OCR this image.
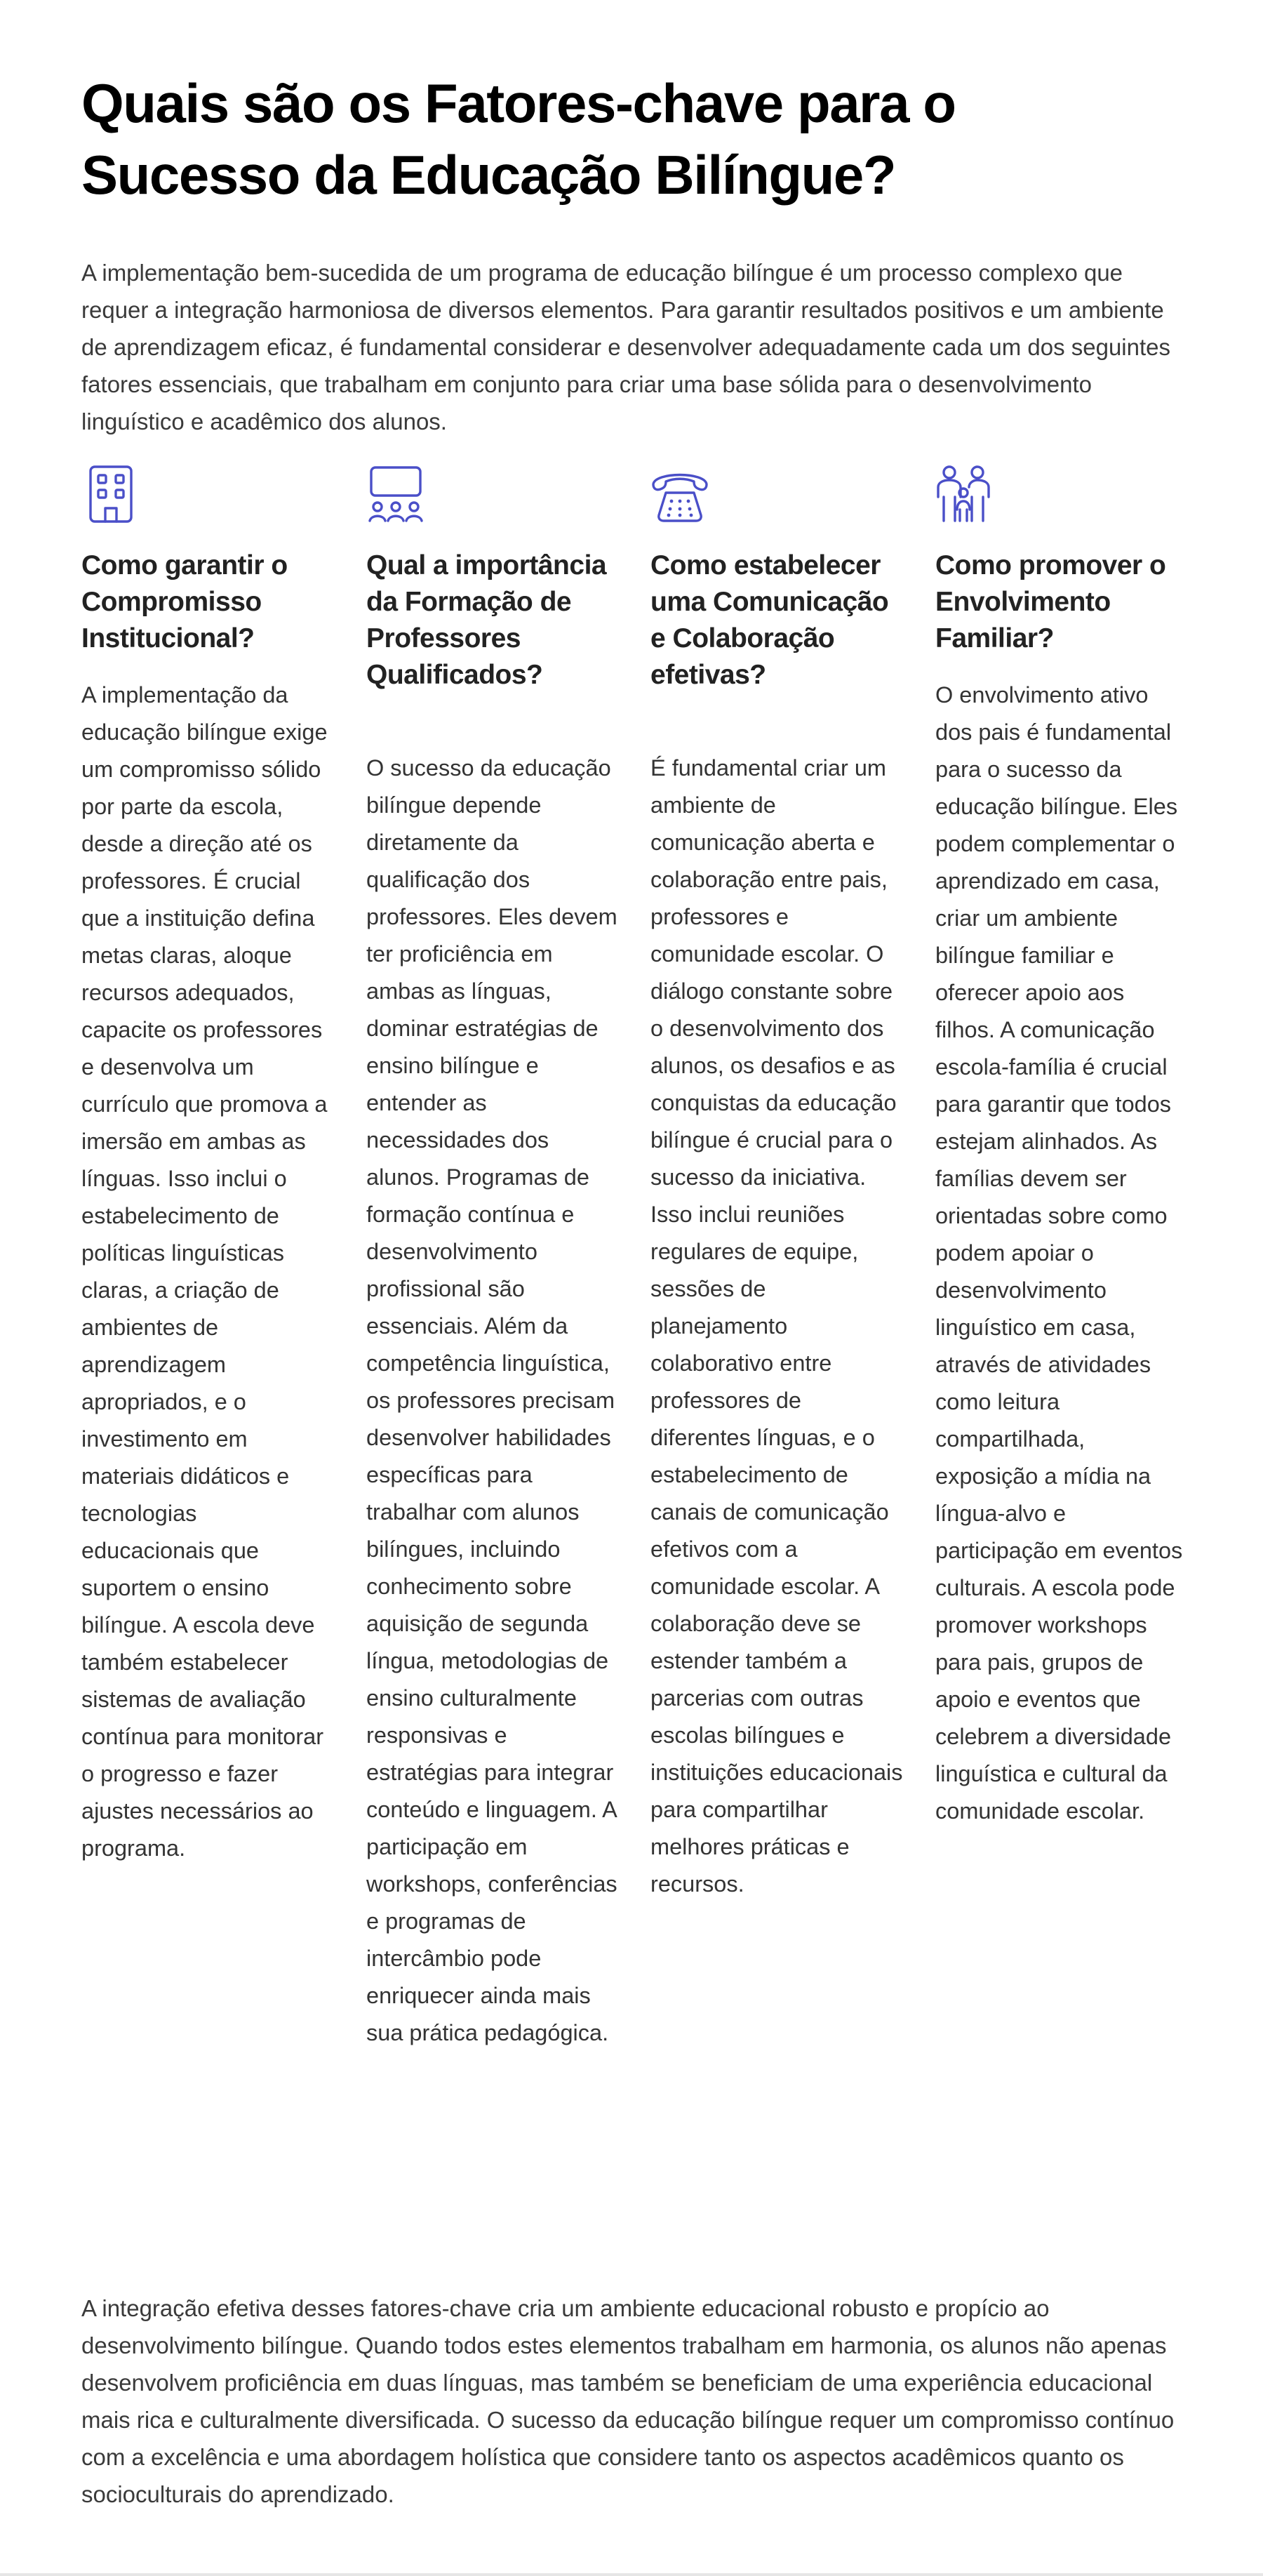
Quais são os Fatores-chave para o Sucesso da Educação Bilíngue?

A implementação bem-sucedida de um programa de educação bilíngue é um processo complexo que requer a integração harmoniosa de diversos elementos. Para garantir resultados positivos e um ambiente de aprendizagem eficaz, é fundamental considerar e desenvolver adequadamente cada um dos seguintes fatores essenciais, que trabalham em conjunto para criar uma base sólida para o desenvolvimento linguístico e acadêmico dos alunos.

Como garantir o Compromisso Institucional?

A implementação da educação bilíngue exige um compromisso sólido por parte da escola, desde a direção até os professores. É crucial que a instituição defina metas claras, aloque recursos adequados, capacite os professores e desenvolva um currículo que promova a imersão em ambas as línguas. Isso inclui o estabelecimento de políticas linguísticas claras, a criação de ambientes de aprendizagem apropriados, e o investimento em materiais didáticos e tecnologias educacionais que suportem o ensino bilíngue. A escola deve também estabelecer sistemas de avaliação contínua para monitorar o progresso e fazer ajustes necessários ao programa.

Qual a importância da Formação de Professores Qualificados?

O sucesso da educação bilíngue depende diretamente da qualificação dos professores. Eles devem ter proficiência em ambas as línguas, dominar estratégias de ensino bilíngue e entender as necessidades dos alunos. Programas de formação contínua e desenvolvimento profissional são essenciais. Além da competência linguística, os professores precisam desenvolver habilidades específicas para trabalhar com alunos bilíngues, incluindo conhecimento sobre aquisição de segunda língua, metodologias de ensino culturalmente responsivas e estratégias para integrar conteúdo e linguagem. A participação em workshops, conferências e programas de intercâmbio pode enriquecer ainda mais sua prática pedagógica.

Como estabelecer uma Comunicação e Colaboração efetivas?

É fundamental criar um ambiente de comunicação aberta e colaboração entre pais, professores e comunidade escolar. O diálogo constante sobre o desenvolvimento dos alunos, os desafios e as conquistas da educação bilíngue é crucial para o sucesso da iniciativa. Isso inclui reuniões regulares de equipe, sessões de planejamento colaborativo entre professores de diferentes línguas, e o estabelecimento de canais de comunicação efetivos com a comunidade escolar. A colaboração deve se estender também a parcerias com outras escolas bilíngues e instituições educacionais para compartilhar melhores práticas e recursos.

Como promover o Envolvimento Familiar?

O envolvimento ativo dos pais é fundamental para o sucesso da educação bilíngue. Eles podem complementar o aprendizado em casa, criar um ambiente bilíngue familiar e oferecer apoio aos filhos. A comunicação escola-família é crucial para garantir que todos estejam alinhados. As famílias devem ser orientadas sobre como podem apoiar o desenvolvimento linguístico em casa, através de atividades como leitura compartilhada, exposição a mídia na língua-alvo e participação em eventos culturais. A escola pode promover workshops para pais, grupos de apoio e eventos que celebrem a diversidade linguística e cultural da comunidade escolar.

A integração efetiva desses fatores-chave cria um ambiente educacional robusto e propício ao desenvolvimento bilíngue. Quando todos estes elementos trabalham em harmonia, os alunos não apenas desenvolvem proficiência em duas línguas, mas também se beneficiam de uma experiência educacional mais rica e culturalmente diversificada. O sucesso da educação bilíngue requer um compromisso contínuo com a excelência e uma abordagem holística que considere tanto os aspectos acadêmicos quanto os socioculturais do aprendizado.
